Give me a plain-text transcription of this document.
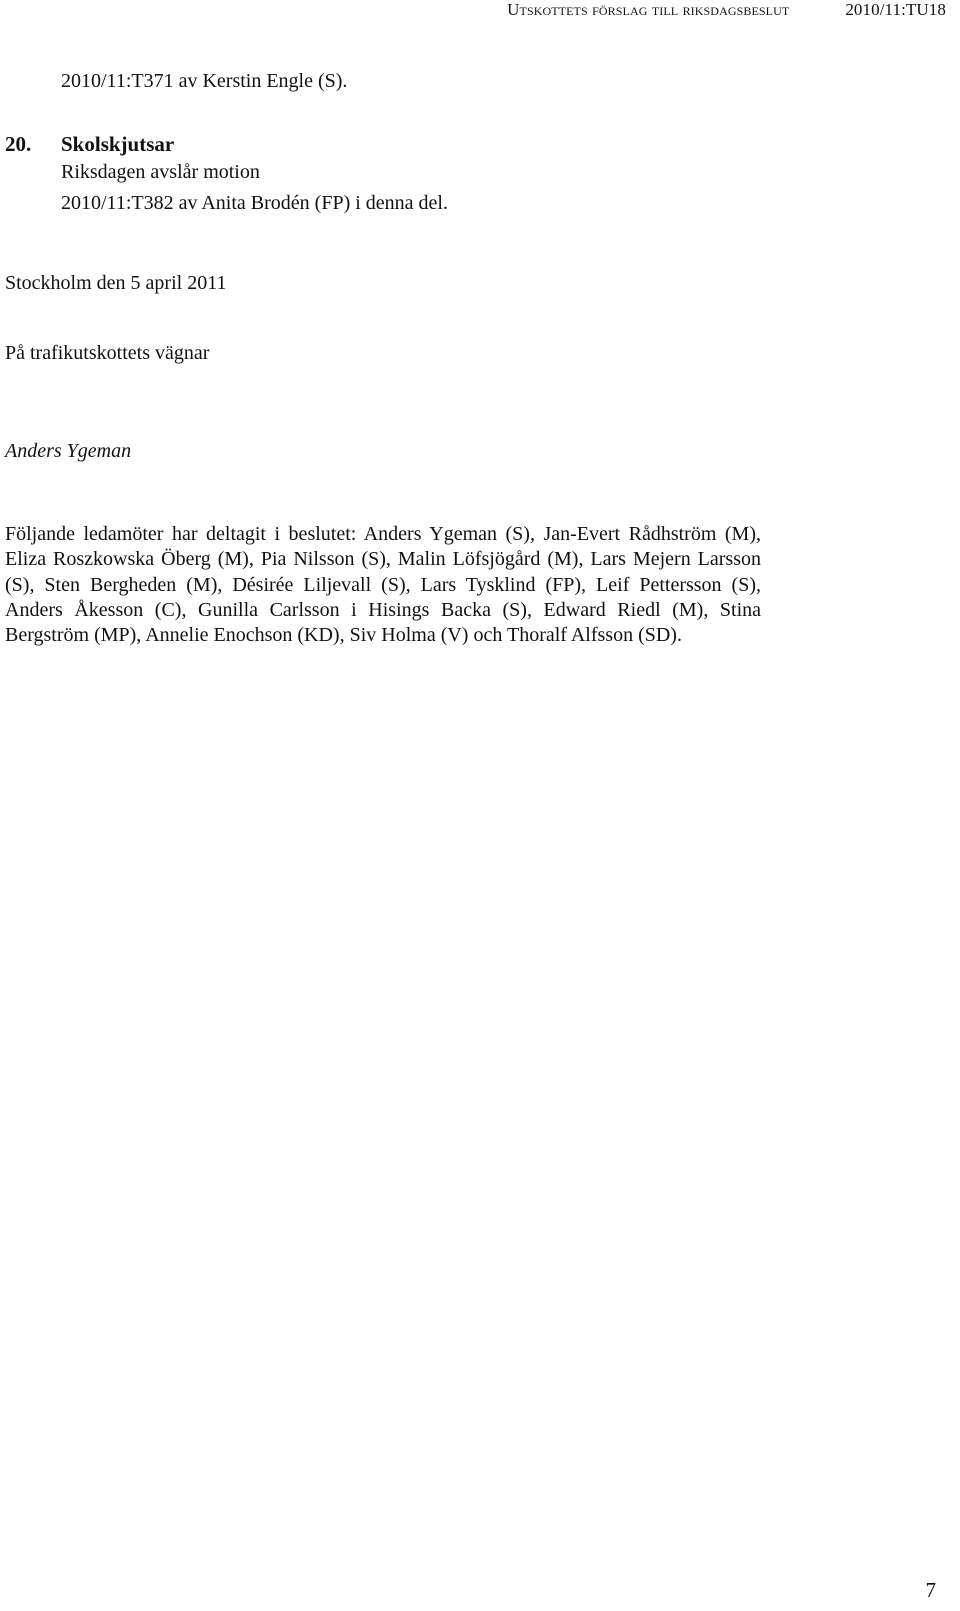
Utskottets förslag till riksdagsbeslut	2010/11:TU18
2010/11:T371 av Kerstin Engle (S).
20. Skolskjutsar
Riksdagen avslår motion
2010/11:T382 av Anita Brodén (FP) i denna del.
Stockholm den 5 april 2011
På trafikutskottets vägnar
Anders Ygeman
Följande ledamöter har deltagit i beslutet: Anders Ygeman (S), Jan-Evert Rådhström (M), Eliza Roszkowska Öberg (M), Pia Nilsson (S), Malin Löfsjögård (M), Lars Mejern Larsson (S), Sten Bergheden (M), Désirée Liljevall (S), Lars Tysklind (FP), Leif Pettersson (S), Anders Åkesson (C), Gunilla Carlsson i Hisings Backa (S), Edward Riedl (M), Stina Bergström (MP), Annelie Enochson (KD), Siv Holma (V) och Thoralf Alfsson (SD).
7
